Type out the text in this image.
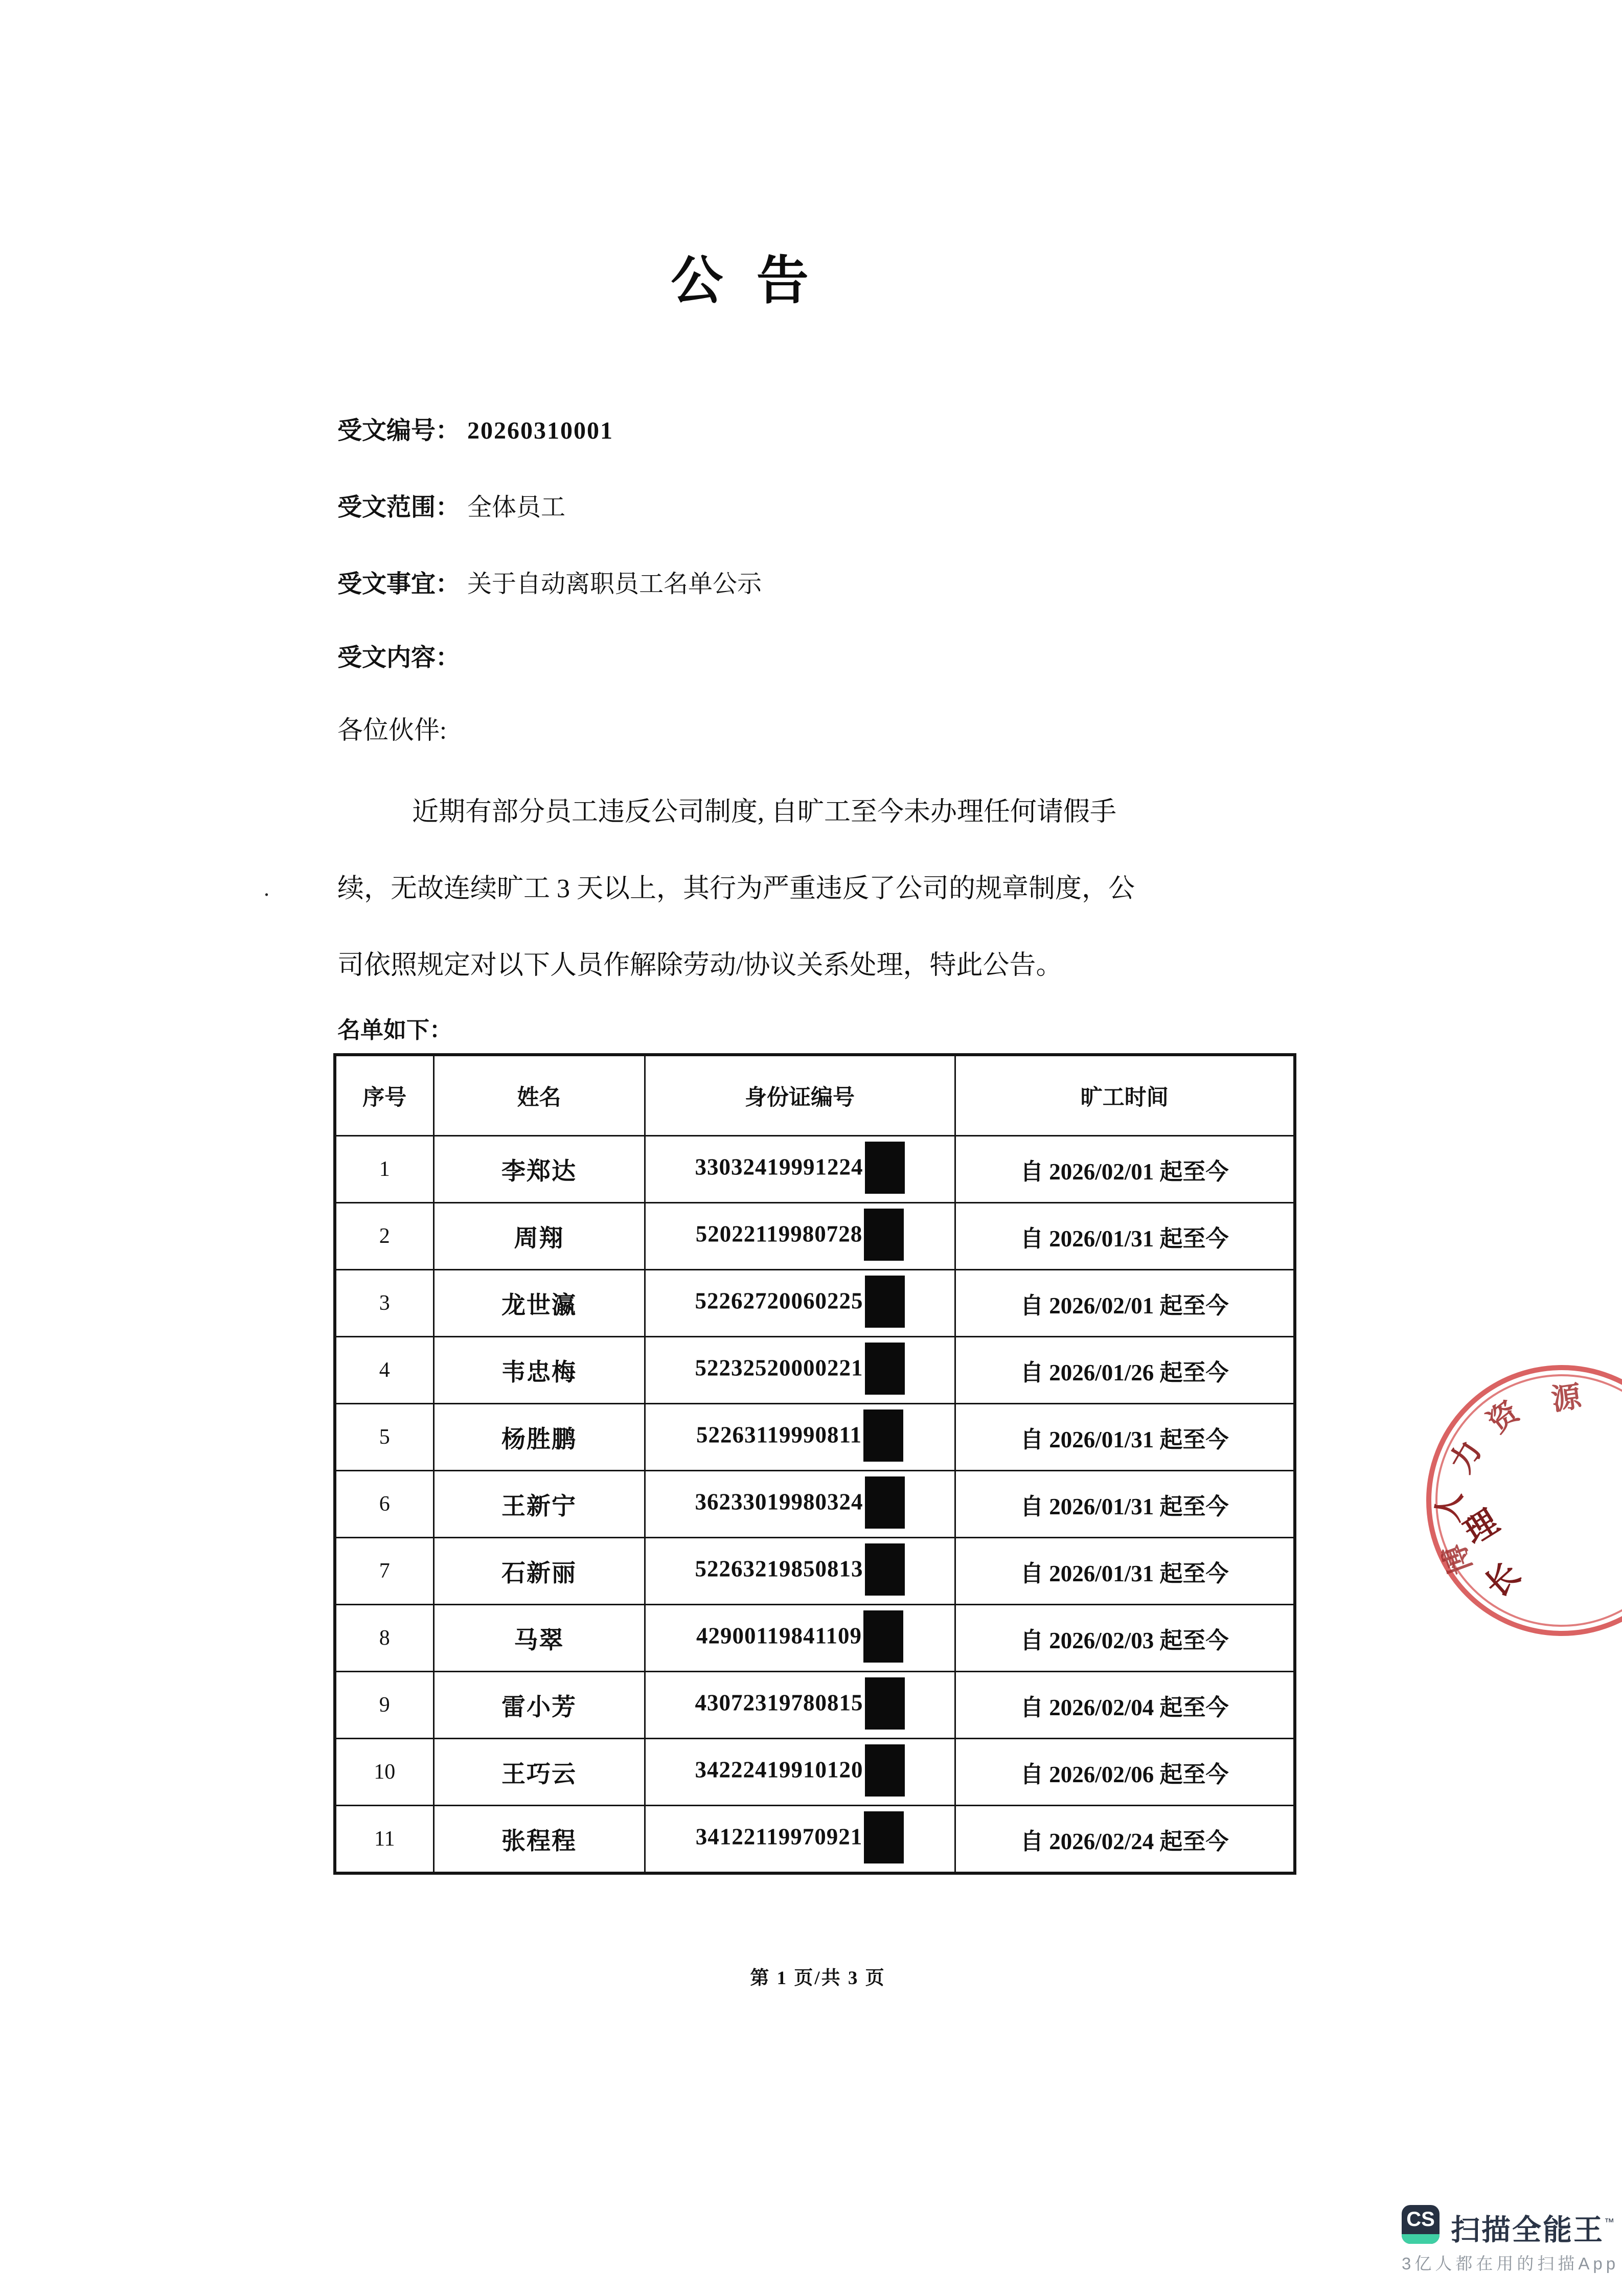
公 告
受文编号： 20260310001
受文范围： 全体员工
受文事宜： 关于自动离职员工名单公示
受文内容：
各位伙伴:
.
近期有部分员工违反公司制度, 自旷工至今未办理任何请假手
续，无故连续旷工 3 天以上，其行为严重违反了公司的规章制度，公
司依照规定对以下人员作解除劳动/协议关系处理，特此公告。
名单如下：
序号	姓名	身份证编号	旷工时间
1	李郑达	33032419991224	自 2026/02/01 起至今
2	周翔	52022119980728	自 2026/01/31 起至今
3	龙世瀛	52262720060225	自 2026/02/01 起至今
4	韦忠梅	52232520000221	自 2026/01/26 起至今
5	杨胜鹏	52263119990811	自 2026/01/31 起至今
6	王新宁	36233019980324	自 2026/01/31 起至今
7	石新丽	52263219850813	自 2026/01/31 起至今
8	马翠	42900119841109	自 2026/02/03 起至今
9	雷小芳	43072319780815	自 2026/02/04 起至今
10	王巧云	34222419910120	自 2026/02/06 起至今
11	张程程	34122119970921	自 2026/02/24 起至今
第 1 页/共 3 页
源
资
力
人
博
理
长
CS 扫描全能王™
3亿人都在用的扫描App
